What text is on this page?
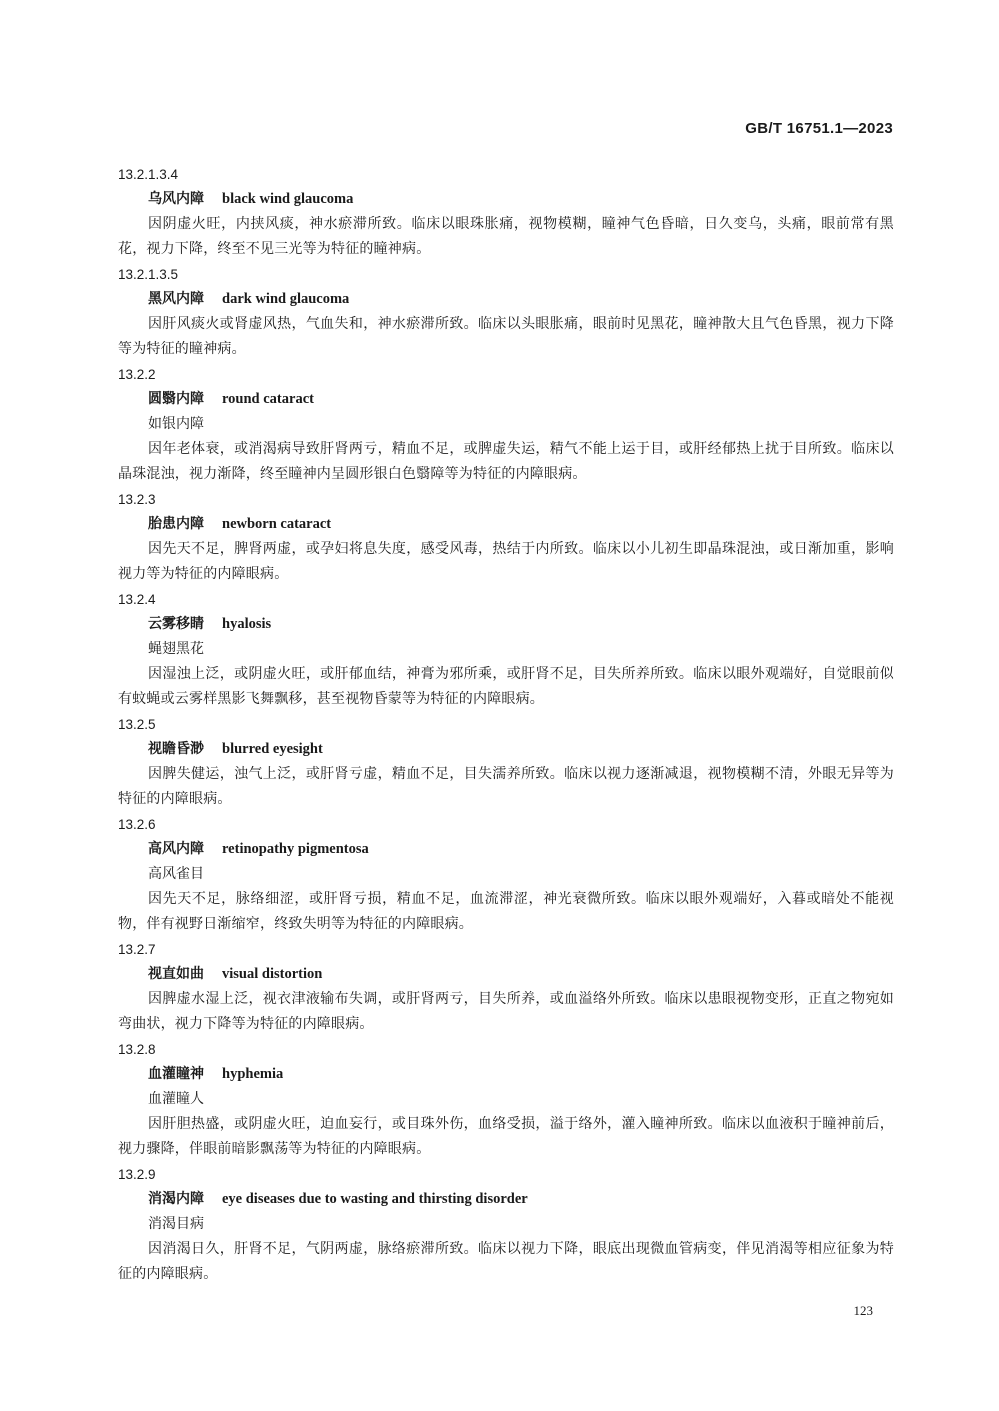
GB/T 16751.1—2023
13.2.1.3.4
乌风内障 black wind glaucoma
因阴虚火旺，内挟风痰，神水瘀滞所致。临床以眼珠胀痛，视物模糊，瞳神气色昏暗，日久变乌，头痛，眼前常有黑花，视力下降，终至不见三光等为特征的瞳神病。
13.2.1.3.5
黑风内障 dark wind glaucoma
因肝风痰火或肾虚风热，气血失和，神水瘀滞所致。临床以头眼胀痛，眼前时见黑花，瞳神散大且气色昏黑，视力下降等为特征的瞳神病。
13.2.2
圆翳内障 round cataract
如银内障
因年老体衰，或消渴病导致肝肾两亏，精血不足，或脾虚失运，精气不能上运于目，或肝经郁热上扰于目所致。临床以晶珠混浊，视力渐降，终至瞳神内呈圆形银白色翳障等为特征的内障眼病。
13.2.3
胎患内障 newborn cataract
因先天不足，脾肾两虚，或孕妇将息失度，感受风毒，热结于内所致。临床以小儿初生即晶珠混浊，或日渐加重，影响视力等为特征的内障眼病。
13.2.4
云雾移睛 hyalosis
蝇翅黑花
因湿浊上泛，或阴虚火旺，或肝郁血结，神膏为邪所乘，或肝肾不足，目失所养所致。临床以眼外观端好，自觉眼前似有蚊蝇或云雾样黑影飞舞飘移，甚至视物昏蒙等为特征的内障眼病。
13.2.5
视瞻昏渺 blurred eyesight
因脾失健运，浊气上泛，或肝肾亏虚，精血不足，目失濡养所致。临床以视力逐渐减退，视物模糊不清，外眼无异等为特征的内障眼病。
13.2.6
高风内障 retinopathy pigmentosa
高风雀目
因先天不足，脉络细涩，或肝肾亏损，精血不足，血流滞涩，神光衰微所致。临床以眼外观端好，入暮或暗处不能视物，伴有视野日渐缩窄，终致失明等为特征的内障眼病。
13.2.7
视直如曲 visual distortion
因脾虚水湿上泛，视衣津液输布失调，或肝肾两亏，目失所养，或血溢络外所致。临床以患眼视物变形，正直之物宛如弯曲状，视力下降等为特征的内障眼病。
13.2.8
血灌瞳神 hyphemia
血灌瞳人
因肝胆热盛，或阴虚火旺，迫血妄行，或目珠外伤，血络受损，溢于络外，灌入瞳神所致。临床以血液积于瞳神前后，视力骤降，伴眼前暗影飘荡等为特征的内障眼病。
13.2.9
消渴内障 eye diseases due to wasting and thirsting disorder
消渴目病
因消渴日久，肝肾不足，气阴两虚，脉络瘀滞所致。临床以视力下降，眼底出现微血管病变，伴见消渴等相应征象为特征的内障眼病。
123
